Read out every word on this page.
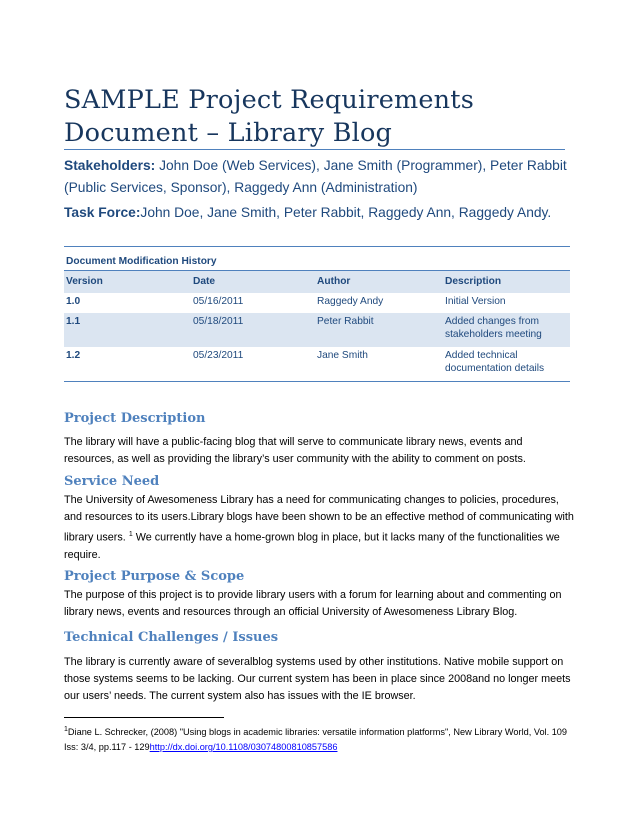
SAMPLE Project Requirements
Document – Library Blog
Stakeholders: John Doe (Web Services), Jane Smith (Programmer), Peter Rabbit (Public Services, Sponsor), Raggedy Ann (Administration)
Task Force:John Doe, Jane Smith, Peter Rabbit, Raggedy Ann, Raggedy Andy.
Document Modification History			
Version	Date	Author	Description
1.0	05/16/2011	Raggedy Andy	Initial Version
1.1	05/18/2011	Peter Rabbit	Added changes from stakeholders meeting
1.2	05/23/2011	Jane Smith	Added technical documentation details
Project Description
The library will have a public-facing blog that will serve to communicate library news, events and resources, as well as providing the library’s user community with the ability to comment on posts.
Service Need
The University of Awesomeness Library has a need for communicating changes to policies, procedures, and resources to its users.Library blogs have been shown to be an effective method of communicating with library users. $^1$ We currently have a home-grown blog in place, but it lacks many of the functionalities we require.
Project Purpose & Scope
The purpose of this project is to provide library users with a forum for learning about and commenting on library news, events and resources through an official University of Awesomeness Library Blog.
Technical Challenges / Issues
The library is currently aware of severalblog systems used by other institutions. Native mobile support on those systems seems to be lacking. Our current system has been in place since 2008and no longer meets our users’ needs. The current system also has issues with the IE browser.
$^1$Diane L. Schrecker, (2008) "Using blogs in academic libraries: versatile information platforms", New Library World, Vol. 109 Iss: 3/4, pp.117 - 129http://dx.doi.org/10.1108/03074800810857586
